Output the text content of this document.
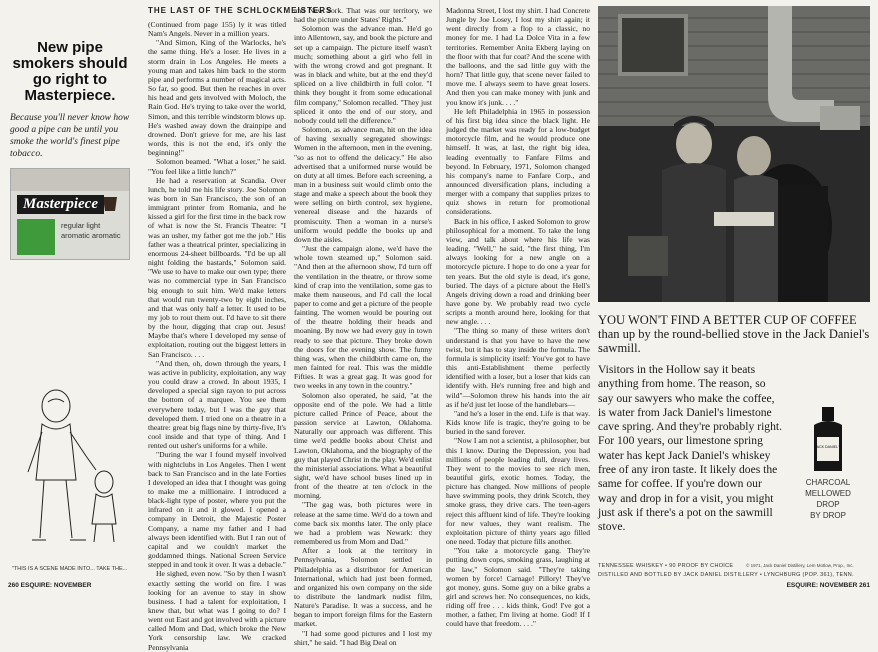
New pipe smokers should go right to Masterpiece.

Because you'll never know how good a pipe can be until you smoke the world's finest pipe tobacco.

Masterpiece
regular light aromatic aromatic
"THIS IS A SCENE MADE INTO... TAKE THE...
THE LAST OF THE SCHLOCKMEISTERS

(Continued from page 155) ly it was titled Nam's Angels. Never in a million years.

"And Simon, King of the Warlocks, he's the same thing. He's a loser. He lives in a storm drain in Los Angeles. He meets a young man and takes him back to the storm pipe and performs a number of magical acts. So far, so good. But then he reaches in over his head and gets involved with Moloch, the Rain God. He's trying to take over the world, Simon, and this terrible windstorm blows up. He's washed away down the drainpipe and drowned. Don't grieve for me, are his last words, this is not the end, it's only the beginning!"

Solomon beamed. "What a loser," he said. "You feel like a little lunch?"

He had a reservation at Scandia. Over lunch, he told me his life story. Joe Solomon was born in San Francisco, the son of an immigrant printer from Romania, and he kissed a girl for the first time in the back row of what is now the St. Francis Theatre: "I was an usher, my father got me the job." His father was a theatrical printer, specializing in enormous 24-sheet billboards. "I'd be up all night folding the bastards," Solomon said. "We use to have to make our own type; there was no commercial type in San Francisco big enough to suit him. We'd make letters that would run twenty-two by eight inches, and that was only half a letter. It used to be my job to rout them out. I'd have to sit there by the hour, digging that crap out. Jesus! Maybe that's where I developed my sense of exploitation, routing out the biggest letters in San Francisco. . . .

"And then, oh, down through the years, I was active in publicity, exploitation, any way you could draw a crowd. In about 1935, I developed a special sign rayon to put across the bottom of a marquee. You see them everywhere today, but I was the guy that developed them. I tried one on a theatre in a theatre: great big flags nine by thirty-five, It's cool inside and that type of thing. And I rented out usher's uniforms for a while.

"During the war I found myself involved with nightclubs in Los Angeles. Then I went back to San Francisco and in the late Forties I developed an idea that I thought was going to make me a millionaire. I introduced a black-light type of poster, where you put the infrared on it and it glowed. I opened a company in Detroit, the Majestic Poster Company, a name my father and I had always been identified with. But I ran out of capital and we couldn't market the goddamned things. National Screen Service stepped in and took it over. It was a debacle."

He sighed, even now. "So by then I wasn't exactly setting the world on fire. I was looking for an avenue to stay in show business. I had a talent for exploitation, I knew that, but what was I going to do? I went out East and got involved with a picture called Mom and Dad, which broke the New York censorship law. We cracked Pennsylvania

and New York. That was our territory, we had the picture under States' Rights."

Solomon was the advance man. He'd go into Allentown, say, and book the picture and set up a campaign. The picture itself wasn't much; something about a girl who fell in with the wrong crowd and got pregnant. It was in black and white, but at the end they'd spliced on a live childbirth in full color. "I think they bought it from some educational film company," Solomon recalled. "They just spliced it onto the end of our story, and nobody could tell the difference."

Solomon, as advance man, hit on the idea of having sexually segregated showings: Women in the afternoon, men in the evening, "so as not to offend the delicacy." He also advertised that a uniformed nurse would be on duty at all times. Before each screening, a man in a business suit would climb onto the stage and make a speech about the book they were selling on birth control, sex hygiene, venereal disease and the hazards of promiscuity. Then a woman in a nurse's uniform would peddle the books up and down the aisles.

"Just the campaign alone, we'd have the whole town steamed up," Solomon said. "And then at the afternoon show, I'd turn off the ventilation in the theatre, or throw some kind of crap into the ventilation, some gas to make them nauseous, and I'd call the local paper to come and get a picture of the people fainting. The women would be pouring out of the theatre holding their heads and moaning. By now we had every guy in town ready to see that picture. They broke down the doors for the evening show. The funny thing was, when the childbirth came on, the men fainted for real. This was the middle Fifties. It was a great gag. It was good for two weeks in any town in the country."

Solomon also operated, he said, "at the opposite end of the pole. We had a little picture called Prince of Peace, about the passion service at Lawton, Oklahoma. Naturally our approach was different. This time we'd peddle books about Christ and Lawton, Oklahoma, and the biography of the guy that played Christ in the play. We'd enlist the ministerial associations. What a beautiful sight, we'd have school buses lined up in front of the theatre at ten o'clock in the morning.

"The gag was, both pictures were in release at the same time. We'd do a town and come back six months later. The only place we had a problem was Newark: they remembered us from Mom and Dad."

After a look at the territory in Pennsylvania, Solomon settled in Philadelphia as a distributor for American International, which had just been formed, and organized his own company on the side to distribute the landmark nudist film, Nature's Paradise. It was a success, and he began to import foreign films for the Eastern market.

"I had some good pictures and I lost my shirt," he said. "I had Big Deal on

260 ESQUIRE: NOVEMBER

Madonna Street, I lost my shirt. I had Concrete Jungle by Joe Losey, I lost my shirt again; it went directly from a flop to a classic, no money for me. I had La Dolce Vita in a few territories. Remember Anita Ekberg laying on the floor with that fur coat? And the scene with the balloons, and the sad little guy with the horn? That little guy, that scene never failed to move me. I always seem to have great losers. And then you can make money with junk and you know it's junk. . . ."

He left Philadelphia in 1965 in possession of his first big idea since the black light. He judged the market was ready for a low-budget motorcycle film, and he would produce one himself. It was, at last, the right big idea, leading eventually to Fanfare Films and beyond. In February, 1971, Solomon changed his company's name to Fanfare Corp., and announced diversification plans, including a merger with a company that supplies prizes to quiz shows in return for promotional considerations.

Back in his office, I asked Solomon to grow philosophical for a moment. To take the long view, and talk about where his life was leading. "Well," he said, "the first thing, I'm always looking for a new angle on a motorcycle picture. I hope to do one a year for ten years. But the old style is dead, it's gone, buried. The days of a picture about the Hell's Angels driving down a road and drinking beer have gone by. We probably read two cycle scripts a month around here, looking for that new angle. . . .

"The thing so many of these writers don't understand is that you have to have the new twist, but it has to stay inside the formula. The formula is simplicity itself: You've got to have this anti-Establishment theme perfectly identified with a loser, but a loser that kids can identify with. He's running free and high and wild"—Solomon threw his hands into the air as if he'd just let loose of the handlebars—

"and he's a loser in the end. Life is that way. Kids know life is tragic, they're going to be buried in the sand forever.

"Now I am not a scientist, a philosopher, but this I know. During the Depression, you had millions of people leading dull, dreary lives. They went to the movies to see rich men, beautiful girls, exotic homes. Today, the picture has changed. Now millions of people have swimming pools, they drink Scotch, they smoke grass, they drive cars. The teen-agers reject this affluent kind of life. They're looking for new values, they want realism. The exploitation picture of thirty years ago filled one need. Today that picture fills another.

"You take a motorcycle gang. They're putting down cops, smoking grass, laughing at the law," Solomon said. "They're taking women by force! Carnage! Pillory! They've got money, guns. Some guy on a bike grabs a girl and screws her. No consequences, no kids, riding off free . . . kids think, God! I've got a mother, a father, I'm living at home. God! If I could have that freedom. . . ."

YOU WON'T FIND A BETTER CUP OF COFFEE than up by the round-bellied stove in the Jack Daniel's sawmill.
JACK DANIEL'S
CHARCOAL MELLOWED
DROP
BY DROP
Visitors in the Hollow say it beats anything from home. The reason, so say our sawyers who make the coffee, is water from Jack Daniel's limestone cave spring. And they're probably right. For 100 years, our limestone spring water has kept Jack Daniel's whiskey free of any iron taste. It likely does the same for coffee. If you're down our way and drop in for a visit, you might just ask if there's a pot on the sawmill stove.

TENNESSEE WHISKEY • 90 PROOF BY CHOICE	© 1971, Jack Daniel Distillery, Lem Motlow, Prop., Inc.

DISTILLED AND BOTTLED BY JACK DANIEL DISTILLERY • LYNCHBURG (POP. 361), TENN.

ESQUIRE: NOVEMBER 261
